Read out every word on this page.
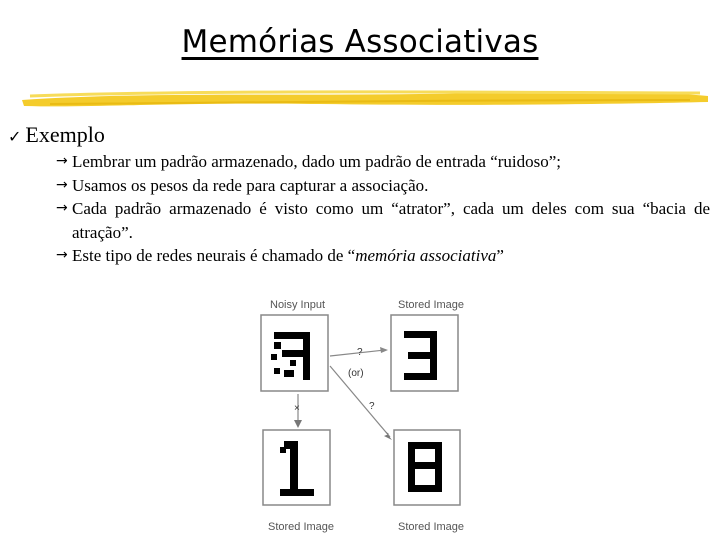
Memórias Associativas
✓ Exemplo
→ Lembrar um padrão armazenado, dado um padrão de entrada “ruidoso”;
→ Usamos os pesos da rede para capturar a associação.
→ Cada padrão armazenado é visto como um “atrator”, cada um deles com sua “bacia de atração”.
→ Este tipo de redes neurais é chamado de “memória associativa”
Noisy Input	Stored Image
Stored Image	Stored Image
?
(or)
?
×
